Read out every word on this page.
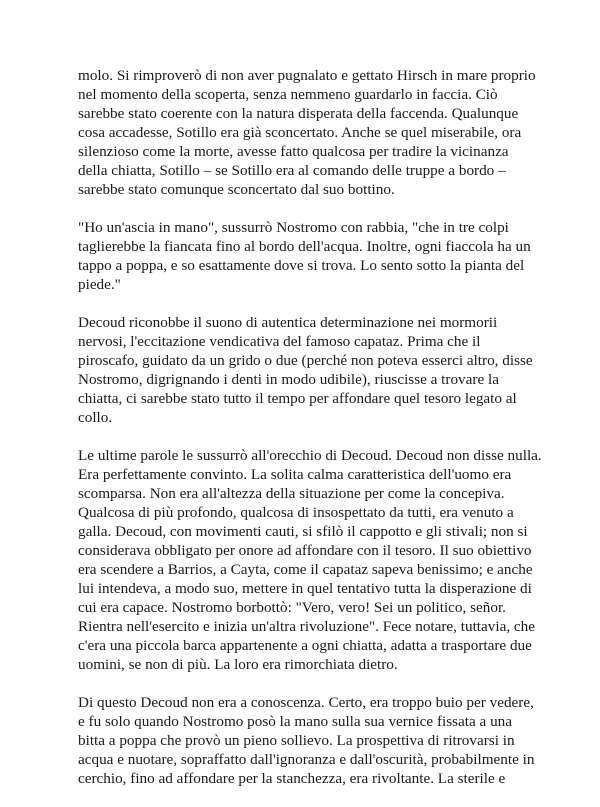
molo. Si rimproverò di non aver pugnalato e gettato Hirsch in mare proprio
nel momento della scoperta, senza nemmeno guardarlo in faccia. Ciò
sarebbe stato coerente con la natura disperata della faccenda. Qualunque
cosa accadesse, Sotillo era già sconcertato. Anche se quel miserabile, ora
silenzioso come la morte, avesse fatto qualcosa per tradire la vicinanza
della chiatta, Sotillo – se Sotillo era al comando delle truppe a bordo –
sarebbe stato comunque sconcertato dal suo bottino.

"Ho un'ascia in mano", sussurrò Nostromo con rabbia, "che in tre colpi
taglierebbe la fiancata fino al bordo dell'acqua. Inoltre, ogni fiaccola ha un
tappo a poppa, e so esattamente dove si trova. Lo sento sotto la pianta del
piede."

Decoud riconobbe il suono di autentica determinazione nei mormorii
nervosi, l'eccitazione vendicativa del famoso capataz. Prima che il
piroscafo, guidato da un grido o due (perché non poteva esserci altro, disse
Nostromo, digrignando i denti in modo udibile), riuscisse a trovare la
chiatta, ci sarebbe stato tutto il tempo per affondare quel tesoro legato al
collo.

Le ultime parole le sussurrò all'orecchio di Decoud. Decoud non disse nulla.
Era perfettamente convinto. La solita calma caratteristica dell'uomo era
scomparsa. Non era all'altezza della situazione per come la concepiva.
Qualcosa di più profondo, qualcosa di insospettato da tutti, era venuto a
galla. Decoud, con movimenti cauti, si sfilò il cappotto e gli stivali; non si
considerava obbligato per onore ad affondare con il tesoro. Il suo obiettivo
era scendere a Barrios, a Cayta, come il capataz sapeva benissimo; e anche
lui intendeva, a modo suo, mettere in quel tentativo tutta la disperazione di
cui era capace. Nostromo borbottò: "Vero, vero! Sei un politico, señor.
Rientra nell'esercito e inizia un'altra rivoluzione". Fece notare, tuttavia, che
c'era una piccola barca appartenente a ogni chiatta, adatta a trasportare due
uomini, se non di più. La loro era rimorchiata dietro.

Di questo Decoud non era a conoscenza. Certo, era troppo buio per vedere,
e fu solo quando Nostromo posò la mano sulla sua vernice fissata a una
bitta a poppa che provò un pieno sollievo. La prospettiva di ritrovarsi in
acqua e nuotare, sopraffatto dall'ignoranza e dall'oscurità, probabilmente in
cerchio, fino ad affondare per la stanchezza, era rivoltante. La sterile e
